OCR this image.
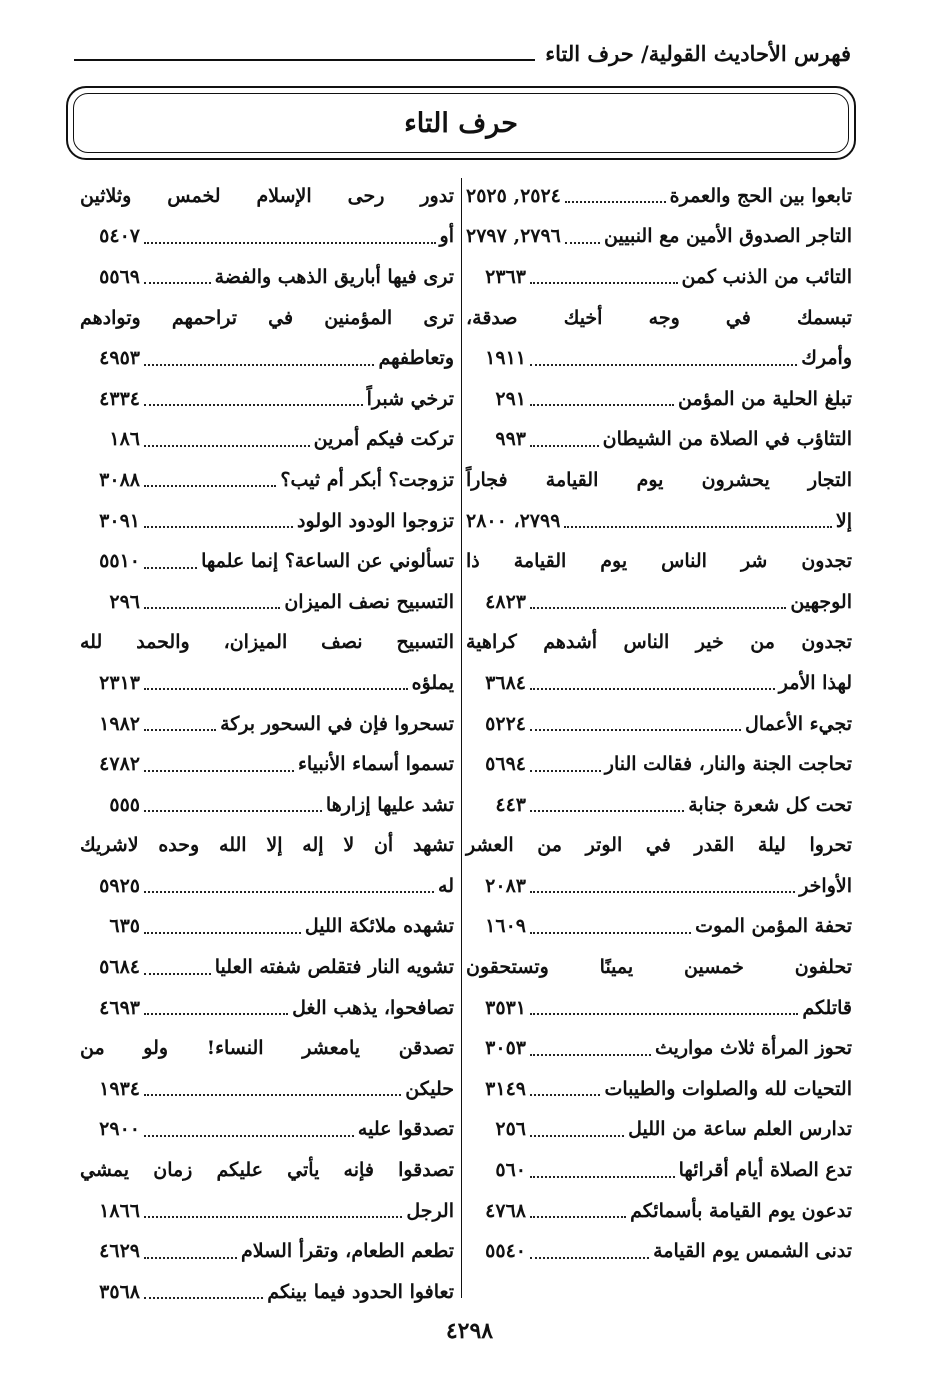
فهرس الأحاديث القولية/ حرف التاء
حرف التاء
تابعوا بين الحج والعمرة
٢٥٢٤, ٢٥٢٥
التاجر الصدوق الأمين مع النبيين
٢٧٩٦, ٢٧٩٧
التائب من الذنب كمن
٢٣٦٣
تبسمك في وجه أخيك صدقة،
وأمرك
١٩١١
تبلغ الحلية من المؤمن
٢٩١
التثاؤب في الصلاة من الشيطان
٩٩٣
التجار يحشرون يوم القيامة فجاراً
إلا
٢٧٩٩، ٢٨٠٠
تجدون شر الناس يوم القيامة ذا
الوجهين
٤٨٢٣
تجدون من خير الناس أشدهم كراهية
لهذا الأمر
٣٦٨٤
تجيء الأعمال
٥٢٢٤
تحاجت الجنة والنار، فقالت النار
٥٦٩٤
تحت كل شعرة جنابة
٤٤٣
تحروا ليلة القدر في الوتر من العشر
الأواخر
٢٠٨٣
تحفة المؤمن الموت
١٦٠٩
تحلفون خمسين يمينًا وتستحقون
قاتلكم
٣٥٣١
تحوز المرأة ثلاث مواريث
٣٠٥٣
التحيات لله والصلوات والطيبات
٣١٤٩
تدارس العلم ساعة من الليل
٢٥٦
تدع الصلاة أيام أقرائها
٥٦٠
تدعون يوم القيامة بأسمائكم
٤٧٦٨
تدنى الشمس يوم القيامة
٥٥٤٠
تدور رحى الإسلام لخمس وثلاثين
أو
٥٤٠٧
ترى فيها أباريق الذهب والفضة
٥٥٦٩
ترى المؤمنين في تراحمهم وتوادهم
وتعاطفهم
٤٩٥٣
ترخي شبراً
٤٣٣٤
تركت فيكم أمرين
١٨٦
تزوجت؟ أبكر أم ثيب؟
٣٠٨٨
تزوجوا الودود الولود
٣٠٩١
تسألوني عن الساعة؟ إنما علمها
٥٥١٠
التسبيح نصف الميزان
٢٩٦
التسبيح نصف الميزان، والحمد لله
يملؤه
٢٣١٣
تسحروا فإن في السحور بركة
١٩٨٢
تسموا أسماء الأنبياء
٤٧٨٢
تشد عليها إزارها
٥٥٥
تشهد أن لا إله إلا الله وحده لاشريك
له
٥٩٢٥
تشهده ملائكة الليل
٦٣٥
تشويه النار فتقلص شفته العليا
٥٦٨٤
تصافحوا، يذهب الغل
٤٦٩٣
تصدقن يامعشر النساء! ولو من
حليكن
١٩٣٤
تصدقوا عليه
٢٩٠٠
تصدقوا فإنه يأتي عليكم زمان يمشي
الرجل
١٨٦٦
تطعم الطعام، وتقرأ السلام
٤٦٢٩
تعافوا الحدود فيما بينكم
٣٥٦٨
٤٢٩٨
